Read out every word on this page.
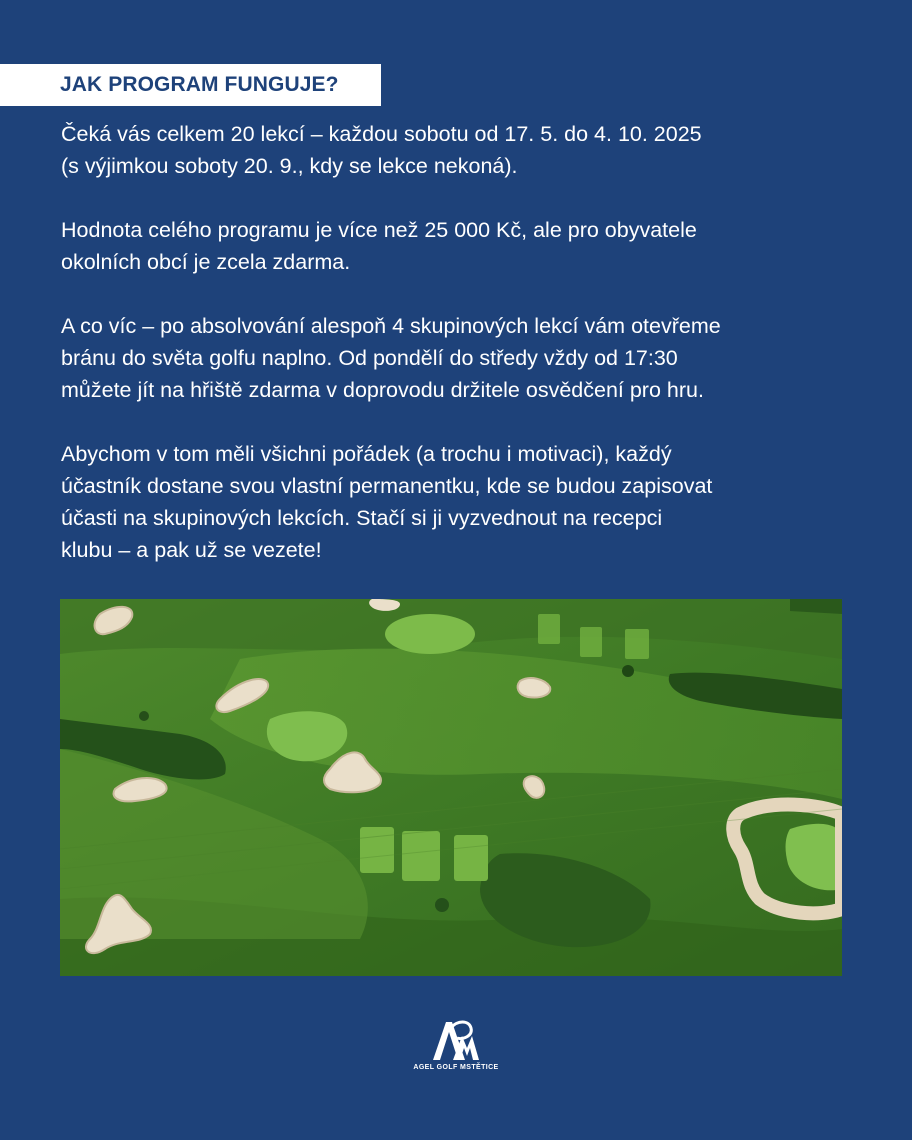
JAK PROGRAM FUNGUJE?

Čeká vás celkem 20 lekcí – každou sobotu od 17. 5. do 4. 10. 2025
(s výjimkou soboty 20. 9., kdy se lekce nekoná).

Hodnota celého programu je více než 25 000 Kč, ale pro obyvatele
okolních obcí je zcela zdarma.

A co víc – po absolvování alespoň 4 skupinových lekcí vám otevřeme
bránu do světa golfu naplno. Od pondělí do středy vždy od 17:30
můžete jít na hřiště zdarma v doprovodu držitele osvědčení pro hru.

Abychom v tom měli všichni pořádek (a trochu i motivaci), každý
účastník dostane svou vlastní permanentku, kde se budou zapisovat
účasti na skupinových lekcích. Stačí si ji vyzvednout na recepci
klubu – a pak už se vezete!

AGEL GOLF MSTĚTICE
